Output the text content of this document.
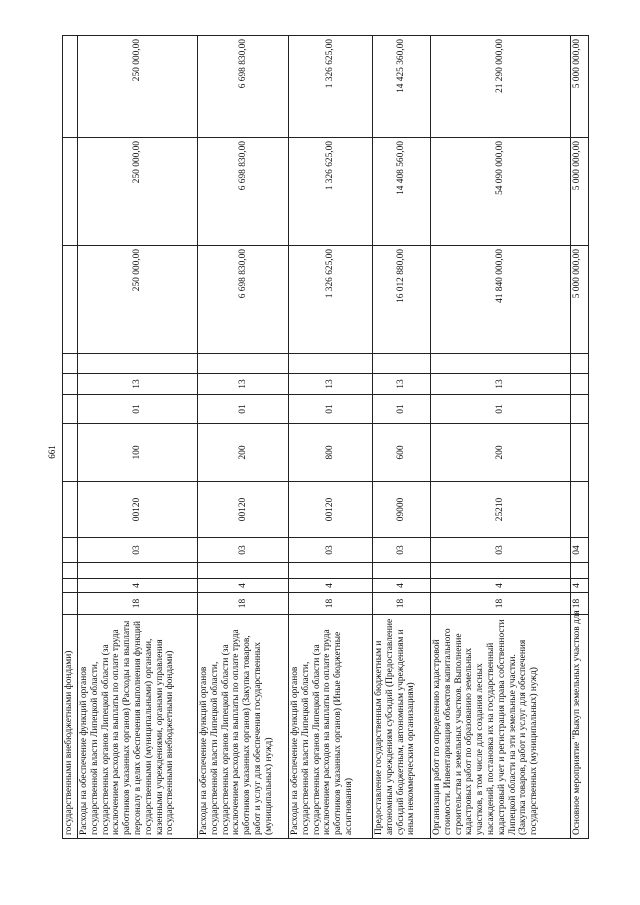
661
государственными внебюджетными фондами)												
Расходы на обеспечение функций органов государственной власти Липецкой области, государственных органов Липецкой области (за исключением расходов на выплаты по оплате труда работников указанных органов) (Расходы на выплаты персоналу в целях обеспечения выполнения функций государственными (муниципальными) органами, казенными учреждениями, органами управления государственными внебюджетными фондами)	18	4		03	00120	100	01	13		250 000,00	250 000,00	250 000,00
Расходы на обеспечение функций органов государственной власти Липецкой области, государственных органов Липецкой области (за исключением расходов на выплаты по оплате труда работников указанных органов) (Закупка товаров, работ и услуг для обеспечения государственных (муниципальных) нужд)	18	4		03	00120	200	01	13		6 698 830,00	6 698 830,00	6 698 830,00
Расходы на обеспечение функций органов государственной власти Липецкой области, государственных органов Липецкой области (за исключением расходов на выплаты по оплате труда работников указанных органов) (Иные бюджетные ассигнования)	18	4		03	00120	800	01	13		1 326 625,00	1 326 625,00	1 326 625,00
Предоставление государственным бюджетным и автономным учреждениям субсидий (Предоставление субсидий бюджетным, автономным учреждениям и иным некоммерческим организациям)	18	4		03	09000	600	01	13		16 012 880,00	14 408 560,00	14 425 360,00
Организация работ по определению кадастровой стоимости. Инвентаризация объектов капитального строительства и земельных участков. Выполнение кадастровых работ по образованию земельных участков, в том числе для создания лесных насаждений, постановка их на государственный кадастровый учет и регистрация права собственности Липецкой области на эти земельные участки. (Закупка товаров, работ и услуг для обеспечения государственных (муниципальных) нужд)	18	4		03	25210	200	01	13		41 840 000,00	54 090 000,00	21 290 000,00
Основное мероприятие "Выкуп земельных участков для	18	4		04						5 000 000,00	5 000 000,00	5 000 000,00
